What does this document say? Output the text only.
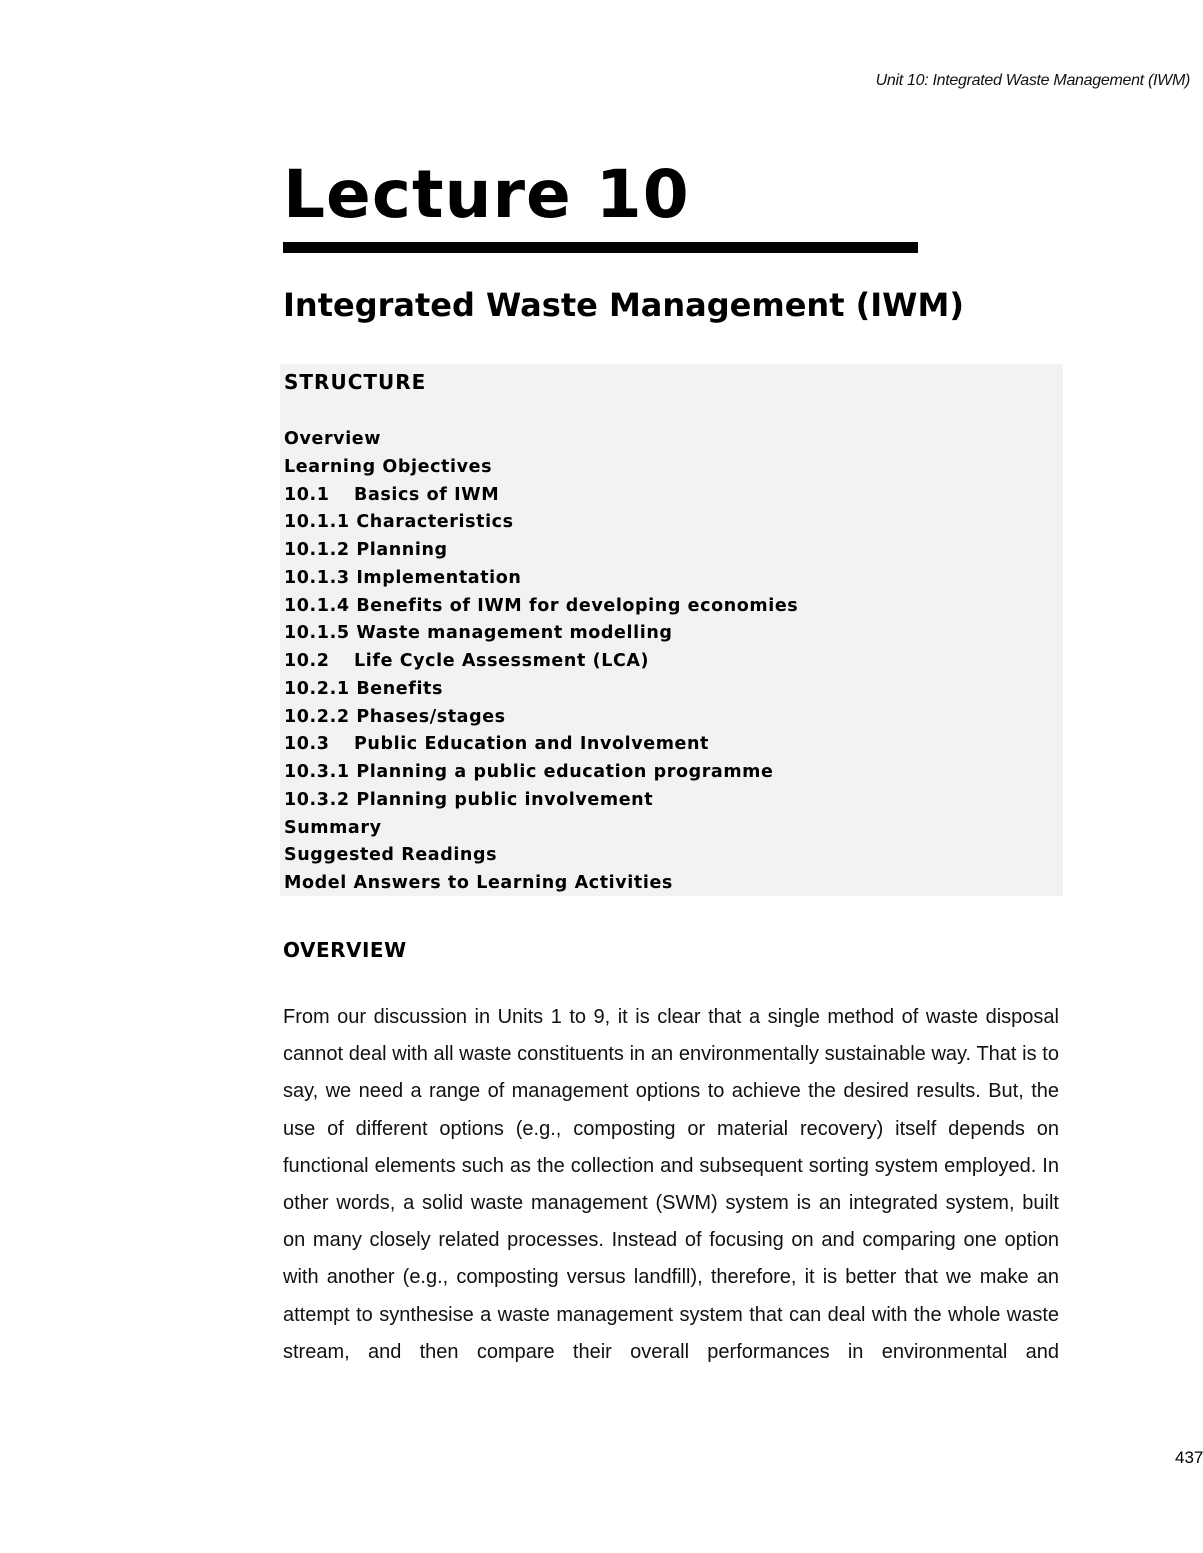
Unit 10: Integrated Waste Management (IWM)
Lecture 10
Integrated Waste Management (IWM)
STRUCTURE
Overview
Learning Objectives
10.1 Basics of IWM
10.1.1 Characteristics
10.1.2 Planning
10.1.3 Implementation
10.1.4 Benefits of IWM for developing economies
10.1.5 Waste management modelling
10.2 Life Cycle Assessment (LCA)
10.2.1 Benefits
10.2.2 Phases/stages
10.3 Public Education and Involvement
10.3.1 Planning a public education programme
10.3.2 Planning public involvement
Summary
Suggested Readings
Model Answers to Learning Activities
OVERVIEW

From our discussion in Units 1 to 9, it is clear that a single method of waste disposal cannot deal with all waste constituents in an environmentally sustainable way. That is to say, we need a range of management options to achieve the desired results. But, the use of different options (e.g., composting or material recovery) itself depends on functional elements such as the collection and subsequent sorting system employed. In other words, a solid waste management (SWM) system is an integrated system, built on many closely related processes. Instead of focusing on and comparing one option with another (e.g., composting versus landfill), therefore, it is better that we make an attempt to synthesise a waste management system that can deal with the whole waste stream, and then compare their overall performances in environmental and

437
